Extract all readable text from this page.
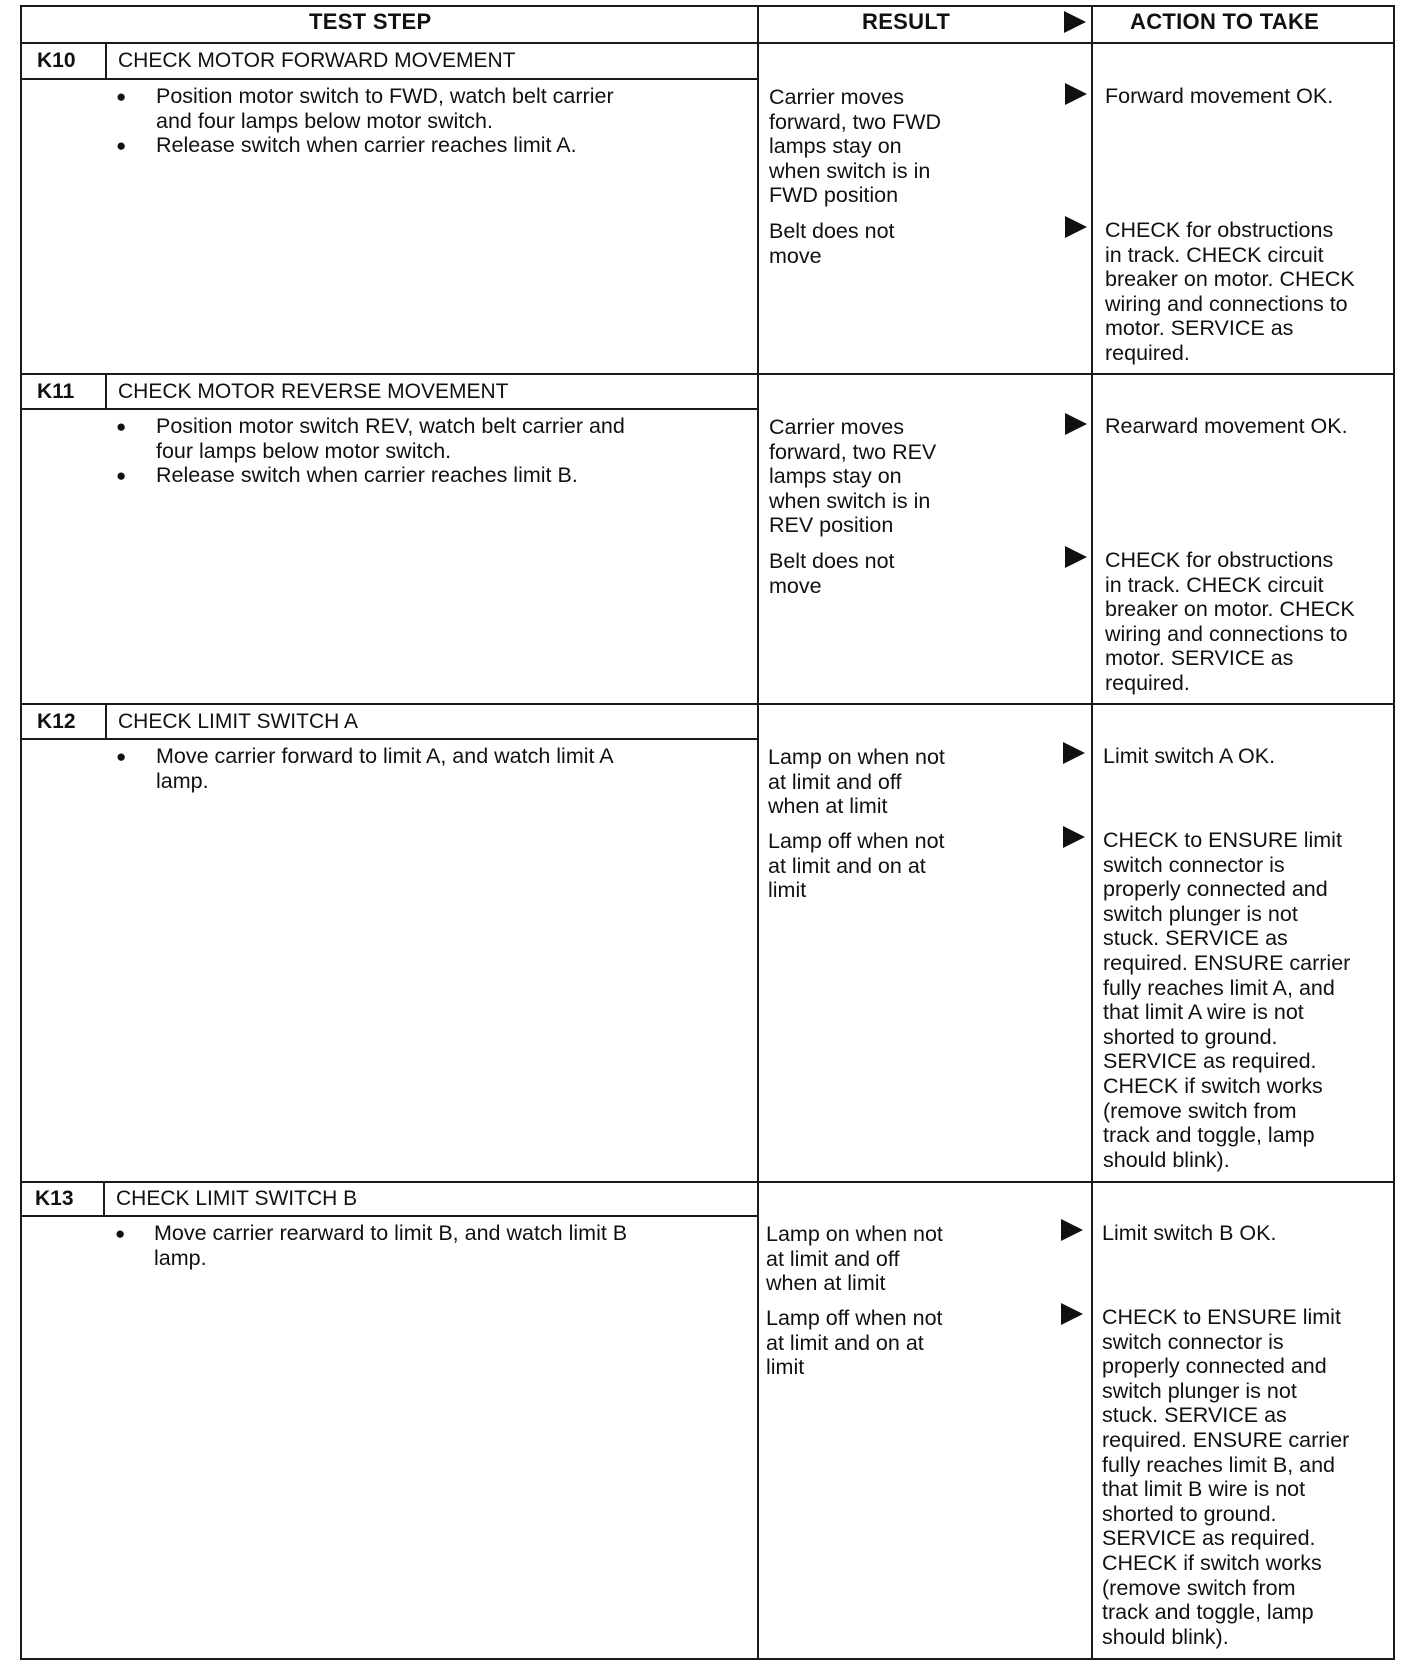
TEST STEP	RESULT	ACTION TO TAKE
K10 CHECK MOTOR FORWARD MOVEMENT
● Position motor switch to FWD, watch belt carrier
and four lamps below motor switch.
● Release switch when carrier reaches limit A.
Carrier moves
forward, two FWD
lamps stay on
when switch is in
FWD position
Forward movement OK.
Belt does not
move
CHECK for obstructions
in track. CHECK circuit
breaker on motor. CHECK
wiring and connections to
motor. SERVICE as
required.
K11 CHECK MOTOR REVERSE MOVEMENT
● Position motor switch REV, watch belt carrier and
four lamps below motor switch.
● Release switch when carrier reaches limit B.
Carrier moves
forward, two REV
lamps stay on
when switch is in
REV position
Rearward movement OK.
Belt does not
move
CHECK for obstructions
in track. CHECK circuit
breaker on motor. CHECK
wiring and connections to
motor. SERVICE as
required.
K12 CHECK LIMIT SWITCH A
● Move carrier forward to limit A, and watch limit A
lamp.
Lamp on when not
at limit and off
when at limit
Limit switch A OK.
Lamp off when not
at limit and on at
limit
CHECK to ENSURE limit
switch connector is
properly connected and
switch plunger is not
stuck. SERVICE as
required. ENSURE carrier
fully reaches limit A, and
that limit A wire is not
shorted to ground.
SERVICE as required.
CHECK if switch works
(remove switch from
track and toggle, lamp
should blink).
K13 CHECK LIMIT SWITCH B
● Move carrier rearward to limit B, and watch limit B
lamp.
Lamp on when not
at limit and off
when at limit
Limit switch B OK.
Lamp off when not
at limit and on at
limit
CHECK to ENSURE limit
switch connector is
properly connected and
switch plunger is not
stuck. SERVICE as
required. ENSURE carrier
fully reaches limit B, and
that limit B wire is not
shorted to ground.
SERVICE as required.
CHECK if switch works
(remove switch from
track and toggle, lamp
should blink).
